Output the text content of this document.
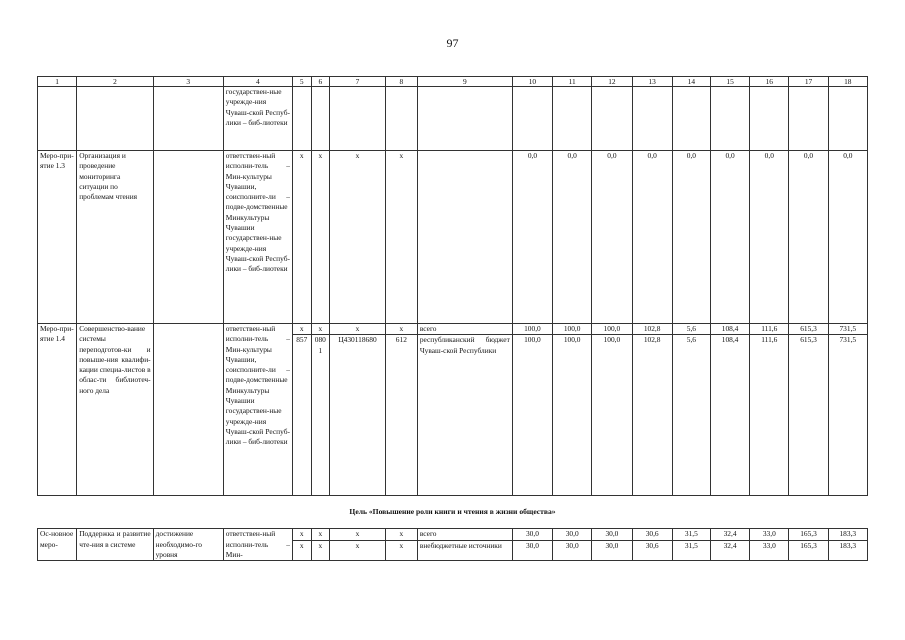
97
1	2	3	4	5	6	7	8	9	10	11	12	13	14	15	16	17	18
			государствен-ные учрежде-ния Чуваш-ской Респуб-лики – биб-лиотеки														
Меро-при-ятие 1.3	Организация и проведение мониторинга ситуации по проблемам чтения		ответствен-ный исполни-тель – Мин-культуры Чувашии, соисполните-ли – подве-домственные Минкультуры Чувашии государствен-ные учрежде-ния Чуваш-ской Респуб-лики – биб-лиотеки	х	х	х	х		0,0	0,0	0,0	0,0	0,0	0,0	0,0	0,0	0,0
Меро-при-ятие 1.4	Совершенство-вание системы переподготов-ки и повыше-ния квалифи-кации специа-листов в облас-ти библиотеч-ного дела		ответствен-ный исполни-тель – Мин-культуры Чувашии, соисполните-ли – подве-домственные Минкультуры Чувашии государствен-ные учрежде-ния Чуваш-ской Респуб-лики – биб-лиотеки	х	х	х	х	всего	100,0	100,0	100,0	102,8	5,6	108,4	111,6	615,3	731,5
				857	0801	Ц430118680	612	республиканский бюджет Чуваш-ской Республики	100,0	100,0	100,0	102,8	5,6	108,4	111,6	615,3	731,5
Цель «Повышение роли книги и чтения в жизни общества»																	
Ос-новное меро-	Поддержка и развитие чте-ния в системе	достижение необходимо-го уровня	ответствен-ный исполни-тель – Мин-	х	х	х	х	всего	30,0	30,0	30,0	30,6	31,5	32,4	33,0	165,3	183,3
				х	х	х	х	внебюджетные источники	30,0	30,0	30,0	30,6	31,5	32,4	33,0	165,3	183,3
